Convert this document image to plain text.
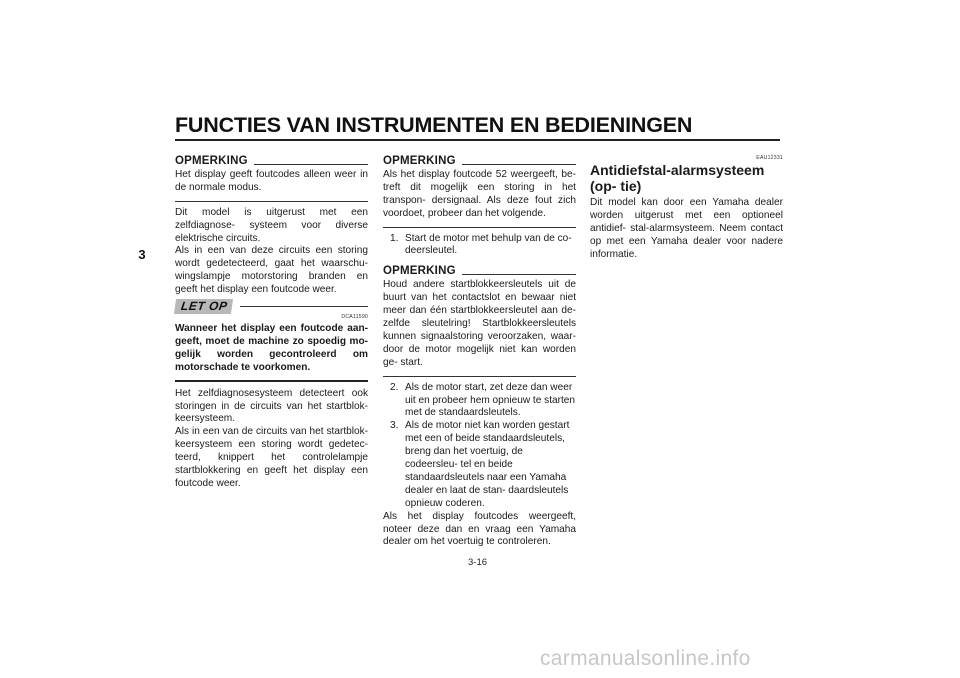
FUNCTIES VAN INSTRUMENTEN EN BEDIENINGEN
3
OPMERKING

Het display geeft foutcodes alleen weer in de normale modus.

Dit model is uitgerust met een zelfdiagnose- systeem voor diverse elektrische circuits.

Als in een van deze circuits een storing wordt gedetecteerd, gaat het waarschu- wingslampje motorstoring branden en geeft het display een foutcode weer.

LET OP
DCA11590

Wanneer het display een foutcode aan- geeft, moet de machine zo spoedig mo- gelijk worden gecontroleerd om motorschade te voorkomen.

Het zelfdiagnosesysteem detecteert ook storingen in de circuits van het startblok- keersysteem.

Als in een van de circuits van het startblok- keersysteem een storing wordt gedetec- teerd, knippert het controlelampje startblokkering en geeft het display een foutcode weer.

OPMERKING

Als het display foutcode 52 weergeeft, be- treft dit mogelijk een storing in het transpon- dersignaal. Als deze fout zich voordoet, probeer dan het volgende.

1. Start de motor met behulp van de co- deersleutel.
OPMERKING

Houd andere startblokkeersleutels uit de buurt van het contactslot en bewaar niet meer dan één startblokkeersleutel aan de- zelfde sleutelring! Startblokkeersleutels kunnen signaalstoring veroorzaken, waar- door de motor mogelijk niet kan worden ge- start.

2. Als de motor start, zet deze dan weer uit en probeer hem opnieuw te starten met de standaardsleutels.
3. Als de motor niet kan worden gestart met een of beide standaardsleutels, breng dan het voertuig, de codeersleu- tel en beide standaardsleutels naar een Yamaha dealer en laat de stan- daardsleutels opnieuw coderen.

Als het display foutcodes weergeeft, noteer deze dan en vraag een Yamaha dealer om het voertuig te controleren.

EAU12331
Antidiefstal-alarmsysteem (op- tie)

Dit model kan door een Yamaha dealer worden uitgerust met een optioneel antidief- stal-alarmsysteem. Neem contact op met een Yamaha dealer voor nadere informatie.

3-16
carmanualsonline.info
